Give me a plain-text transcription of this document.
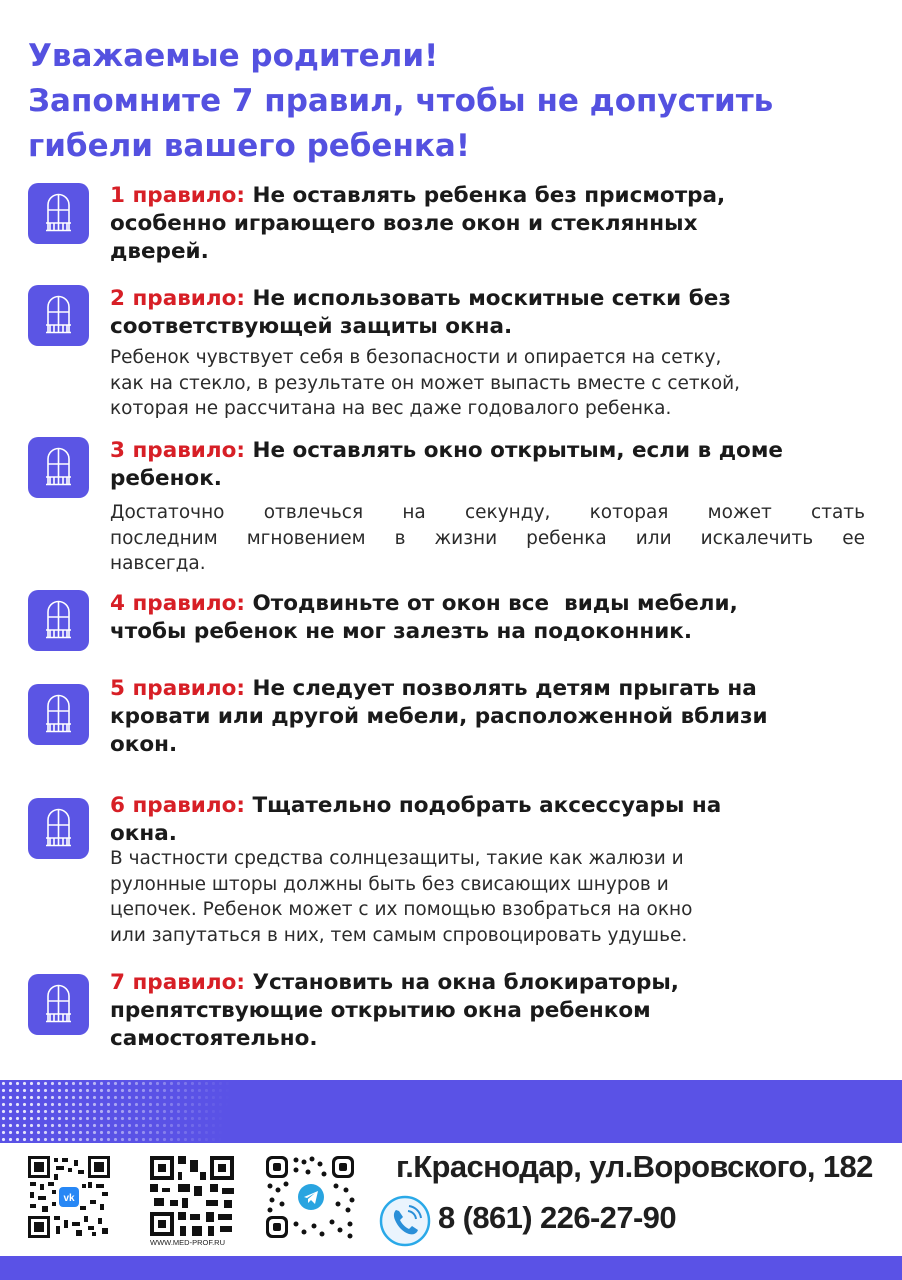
Уважаемые родители!
Запомните 7 правил, чтобы не допустить
гибели вашего ребенка!
1 правило: Не оставлять ребенка без присмотра,
особенно играющего возле окон и стеклянных
дверей.
2 правило: Не использовать москитные сетки без
соответствующей защиты окна.
Ребенок чувствует себя в безопасности и опирается на сетку,
как на стекло, в результате он может выпасть вместе с сеткой,
которая не рассчитана на вес даже годовалого ребенка.
3 правило: Не оставлять окно открытым, если в доме
ребенок.
Достаточно отвлечься на секунду, которая может стать
последним мгновением в жизни ребенка или искалечить ее
навсегда.
4 правило: Отодвиньте от окон все  виды мебели,
чтобы ребенок не мог залезть на подоконник.
5 правило: Не следует позволять детям прыгать на
кровати или другой мебели, расположенной вблизи
окон.
6 правило: Тщательно подобрать аксессуары на
окна.
В частности средства солнцезащиты, такие как жалюзи и
рулонные шторы должны быть без свисающих шнуров и
цепочек. Ребенок может с их помощью взобраться на окно
или запутаться в них, тем самым спровоцировать удушье.
7 правило: Установить на окна блокираторы,
препятствующие открытию окна ребенком
самостоятельно.
vk
WWW.MED-PROF.RU
г.Краснодар, ул.Воровского, 182
8 (861) 226-27-90
